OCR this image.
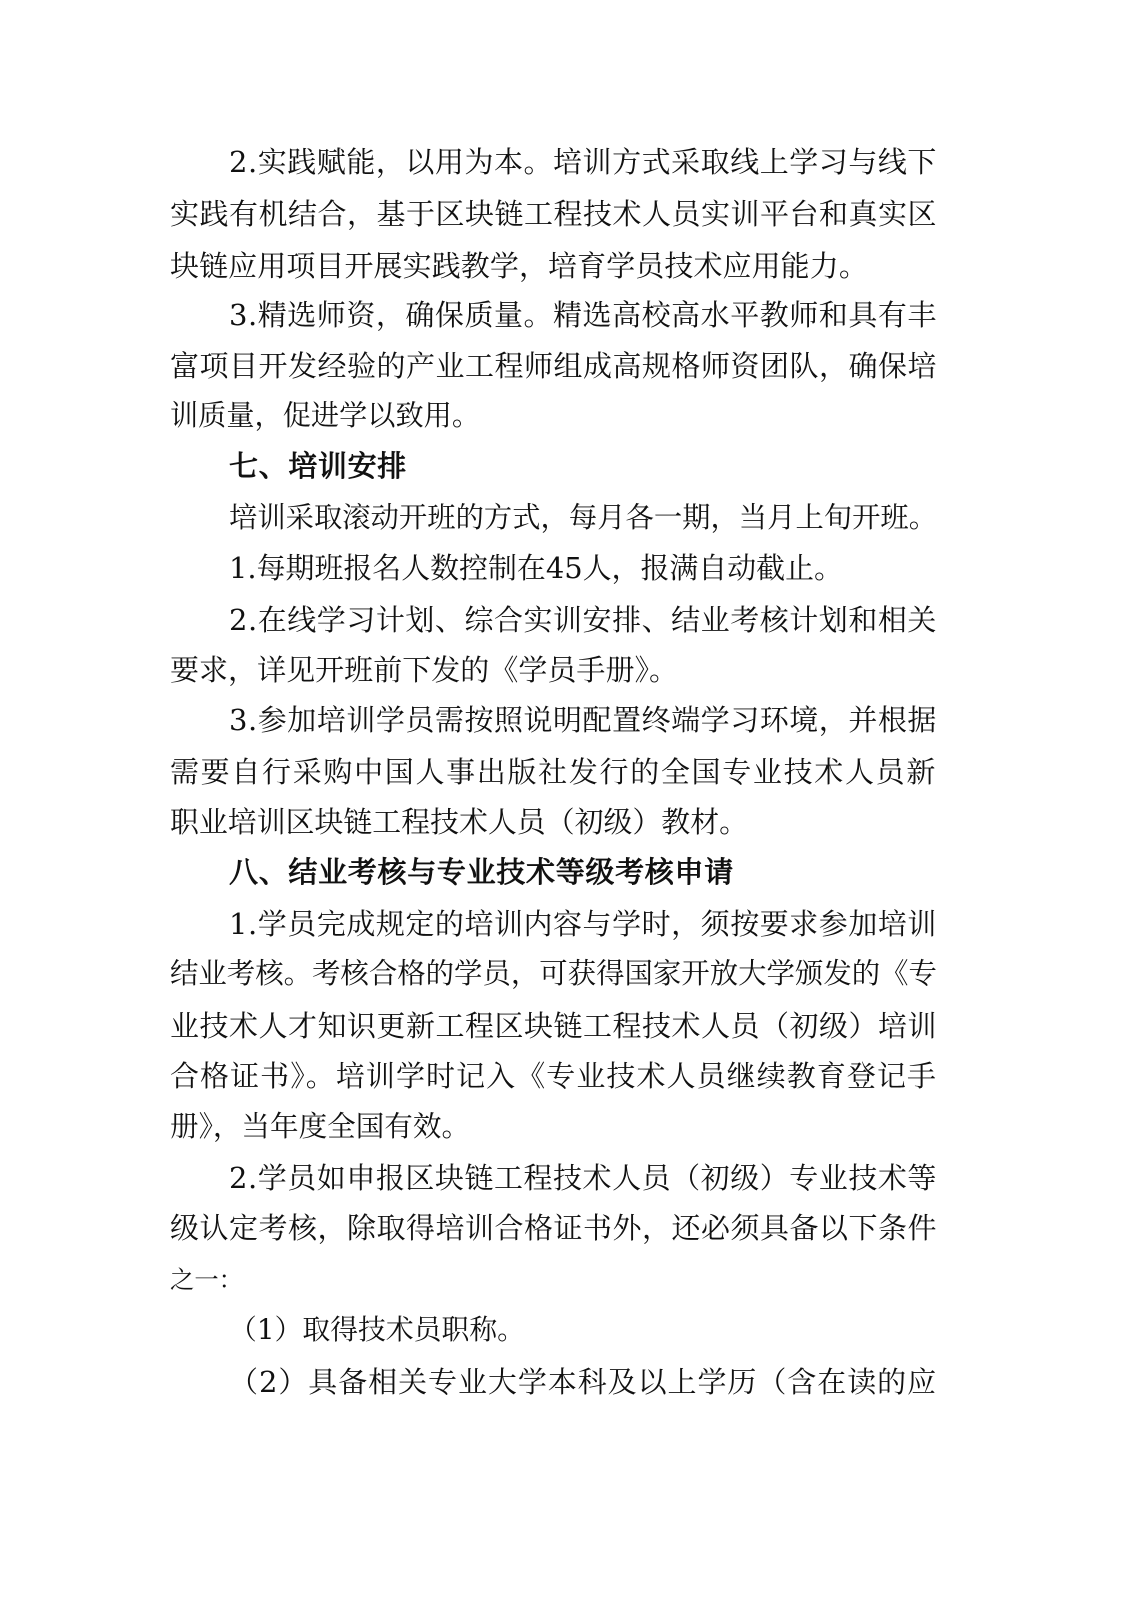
2.实践赋能，以用为本。培训方式采取线上学习与线下
实践有机结合，基于区块链工程技术人员实训平台和真实区
块链应用项目开展实践教学，培育学员技术应用能力。
3.精选师资，确保质量。精选高校高水平教师和具有丰
富项目开发经验的产业工程师组成高规格师资团队，确保培
训质量，促进学以致用。
七、培训安排
培训采取滚动开班的方式，每月各一期，当月上旬开班。
1.每期班报名人数控制在45人，报满自动截止。
2.在线学习计划、综合实训安排、结业考核计划和相关
要求，详见开班前下发的《学员手册》。
3.参加培训学员需按照说明配置终端学习环境，并根据
需要自行采购中国人事出版社发行的全国专业技术人员新
职业培训区块链工程技术人员（初级）教材。
八、结业考核与专业技术等级考核申请
1.学员完成规定的培训内容与学时，须按要求参加培训
结业考核。考核合格的学员，可获得国家开放大学颁发的《专
业技术人才知识更新工程区块链工程技术人员（初级）培训
合格证书》。培训学时记入《专业技术人员继续教育登记手
册》，当年度全国有效。
2.学员如申报区块链工程技术人员（初级）专业技术等
级认定考核，除取得培训合格证书外，还必须具备以下条件
之一：
（1）取得技术员职称。
（2）具备相关专业大学本科及以上学历（含在读的应
